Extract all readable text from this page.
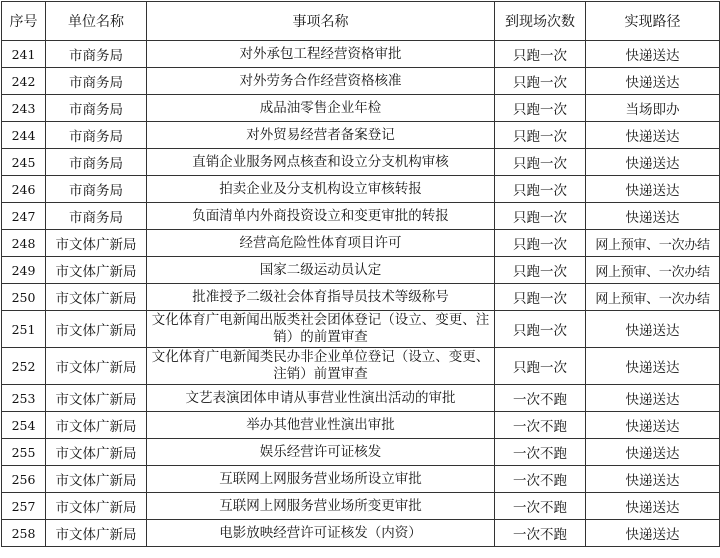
序号	单位名称	事项名称	到现场次数	实现路径
241	市商务局	对外承包工程经营资格审批	只跑一次	快递送达
242	市商务局	对外劳务合作经营资格核准	只跑一次	快递送达
243	市商务局	成品油零售企业年检	只跑一次	当场即办
244	市商务局	对外贸易经营者备案登记	只跑一次	快递送达
245	市商务局	直销企业服务网点核查和设立分支机构审核	只跑一次	快递送达
246	市商务局	拍卖企业及分支机构设立审核转报	只跑一次	快递送达
247	市商务局	负面清单内外商投资设立和变更审批的转报	只跑一次	快递送达
248	市文体广新局	经营高危险性体育项目许可	只跑一次	网上预审、一次办结
249	市文体广新局	国家二级运动员认定	只跑一次	网上预审、一次办结
250	市文体广新局	批准授予二级社会体育指导员技术等级称号	只跑一次	网上预审、一次办结
251	市文体广新局	文化体育广电新闻出版类社会团体登记（设立、变更、注销）的前置审查	只跑一次	快递送达
252	市文体广新局	文化体育广电新闻类民办非企业单位登记（设立、变更、注销）前置审查	只跑一次	快递送达
253	市文体广新局	文艺表演团体申请从事营业性演出活动的审批	一次不跑	快递送达
254	市文体广新局	举办其他营业性演出审批	一次不跑	快递送达
255	市文体广新局	娱乐经营许可证核发	一次不跑	快递送达
256	市文体广新局	互联网上网服务营业场所设立审批	一次不跑	快递送达
257	市文体广新局	互联网上网服务营业场所变更审批	一次不跑	快递送达
258	市文体广新局	电影放映经营许可证核发（内资）	一次不跑	快递送达
